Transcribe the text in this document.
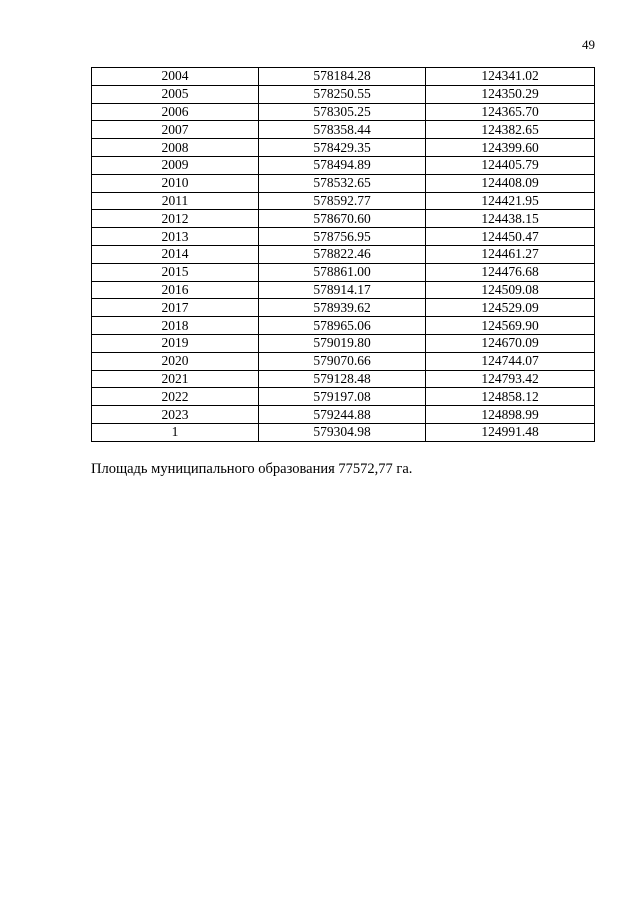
49
2004	578184.28	124341.02
2005	578250.55	124350.29
2006	578305.25	124365.70
2007	578358.44	124382.65
2008	578429.35	124399.60
2009	578494.89	124405.79
2010	578532.65	124408.09
2011	578592.77	124421.95
2012	578670.60	124438.15
2013	578756.95	124450.47
2014	578822.46	124461.27
2015	578861.00	124476.68
2016	578914.17	124509.08
2017	578939.62	124529.09
2018	578965.06	124569.90
2019	579019.80	124670.09
2020	579070.66	124744.07
2021	579128.48	124793.42
2022	579197.08	124858.12
2023	579244.88	124898.99
1	579304.98	124991.48
Площадь муниципального образования 77572,77 га.
